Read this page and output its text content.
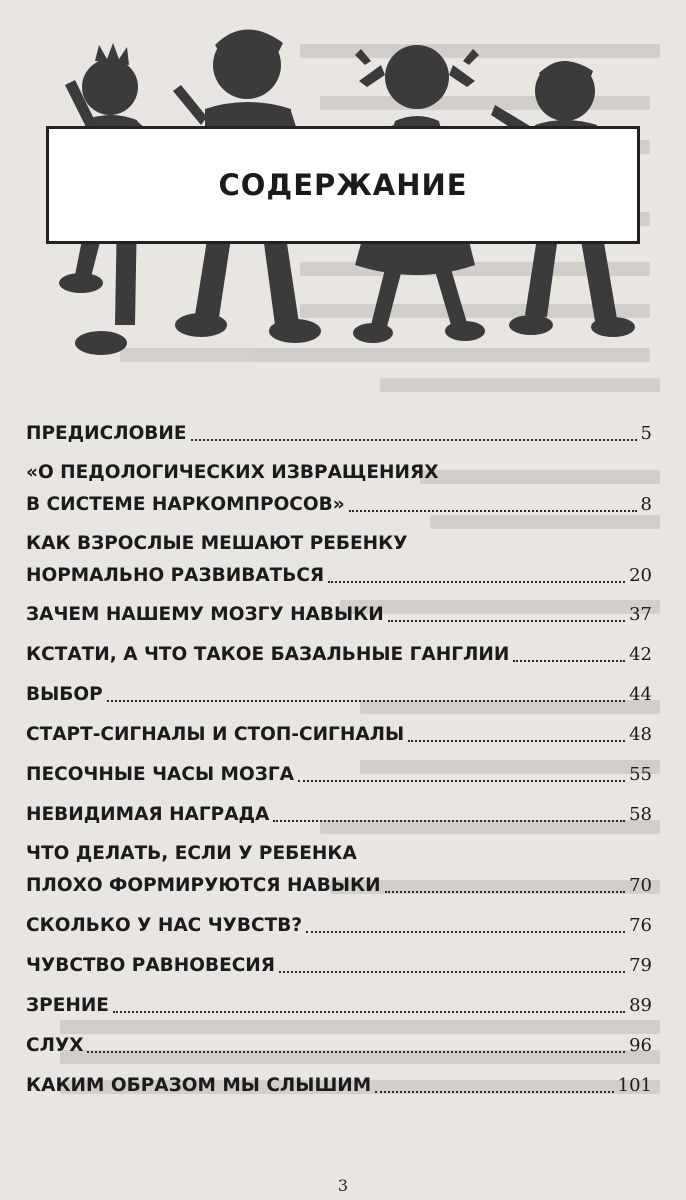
СОДЕРЖАНИЕ
ПРЕДИСЛОВИЕ	5
«О ПЕДОЛОГИЧЕСКИХ ИЗВРАЩЕНИЯХ
В СИСТЕМЕ НАРКОМПРОСОВ»	8
КАК ВЗРОСЛЫЕ МЕШАЮТ РЕБЕНКУ
НОРМАЛЬНО РАЗВИВАТЬСЯ	20
ЗАЧЕМ НАШЕМУ МОЗГУ НАВЫКИ	37
КСТАТИ, А ЧТО ТАКОЕ БАЗАЛЬНЫЕ ГАНГЛИИ	42
ВЫБОР	44
СТАРТ-СИГНАЛЫ И СТОП-СИГНАЛЫ	48
ПЕСОЧНЫЕ ЧАСЫ МОЗГА	55
НЕВИДИМАЯ НАГРАДА	58
ЧТО ДЕЛАТЬ, ЕСЛИ У РЕБЕНКА
ПЛОХО ФОРМИРУЮТСЯ НАВЫКИ	70
СКОЛЬКО У НАС ЧУВСТВ?	76
ЧУВСТВО РАВНОВЕСИЯ	79
ЗРЕНИЕ	89
СЛУХ	96
КАКИМ ОБРАЗОМ МЫ СЛЫШИМ	101
3
